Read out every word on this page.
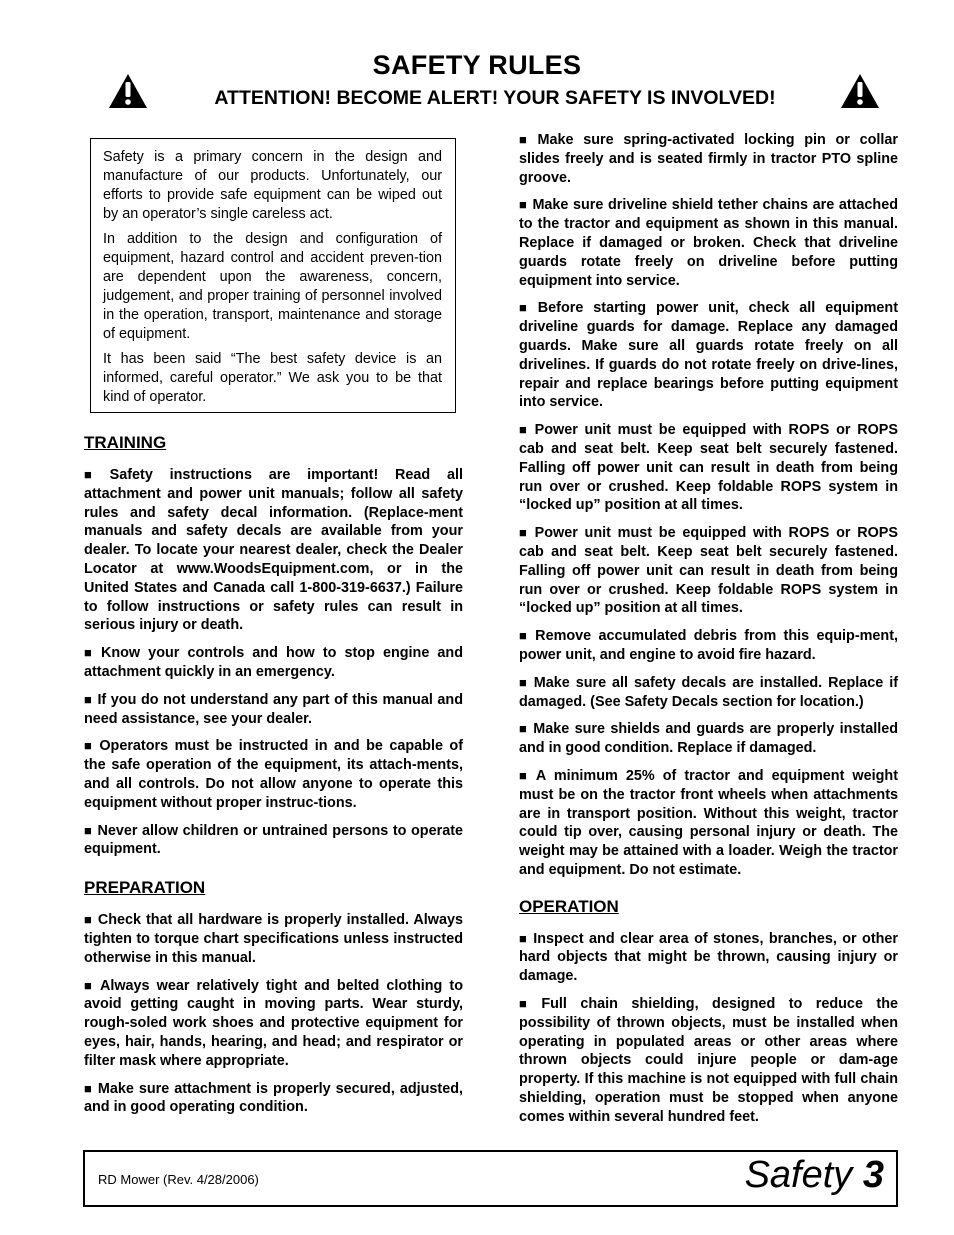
SAFETY RULES
ATTENTION! BECOME ALERT! YOUR SAFETY IS INVOLVED!

Safety is a primary concern in the design and manufacture of our products. Unfortunately, our efforts to provide safe equipment can be wiped out by an operator’s single careless act.

In addition to the design and configuration of equipment, hazard control and accident preven-tion are dependent upon the awareness, concern, judgement, and proper training of personnel involved in the operation, transport, maintenance and storage of equipment.

It has been said “The best safety device is an informed, careful operator.” We ask you to be that kind of operator.

TRAINING

■ Safety instructions are important! Read all attachment and power unit manuals; follow all safety rules and safety decal information. (Replace-ment manuals and safety decals are available from your dealer. To locate your nearest dealer, check the Dealer Locator at www.WoodsEquipment.com, or in the United States and Canada call 1-800-319-6637.) Failure to follow instructions or safety rules can result in serious injury or death.

■ Know your controls and how to stop engine and attachment quickly in an emergency.

■ If you do not understand any part of this manual and need assistance, see your dealer.

■ Operators must be instructed in and be capable of the safe operation of the equipment, its attach-ments, and all controls. Do not allow anyone to operate this equipment without proper instruc-tions.

■ Never allow children or untrained persons to operate equipment.

PREPARATION

■ Check that all hardware is properly installed. Always tighten to torque chart specifications unless instructed otherwise in this manual.

■ Always wear relatively tight and belted clothing to avoid getting caught in moving parts. Wear sturdy, rough-soled work shoes and protective equipment for eyes, hair, hands, hearing, and head; and respirator or filter mask where appropriate.

■ Make sure attachment is properly secured, adjusted, and in good operating condition.

■ Make sure spring-activated locking pin or collar slides freely and is seated firmly in tractor PTO spline groove.

■ Make sure driveline shield tether chains are attached to the tractor and equipment as shown in this manual. Replace if damaged or broken. Check that driveline guards rotate freely on driveline before putting equipment into service.

■ Before starting power unit, check all equipment driveline guards for damage. Replace any damaged guards. Make sure all guards rotate freely on all drivelines. If guards do not rotate freely on drive-lines, repair and replace bearings before putting equipment into service.

■ Power unit must be equipped with ROPS or ROPS cab and seat belt. Keep seat belt securely fastened. Falling off power unit can result in death from being run over or crushed. Keep foldable ROPS system in “locked up” position at all times.

■ Power unit must be equipped with ROPS or ROPS cab and seat belt. Keep seat belt securely fastened. Falling off power unit can result in death from being run over or crushed. Keep foldable ROPS system in “locked up” position at all times.

■ Remove accumulated debris from this equip-ment, power unit, and engine to avoid fire hazard.

■ Make sure all safety decals are installed. Replace if damaged. (See Safety Decals section for location.)

■ Make sure shields and guards are properly installed and in good condition. Replace if damaged.

■ A minimum 25% of tractor and equipment weight must be on the tractor front wheels when attachments are in transport position. Without this weight, tractor could tip over, causing personal injury or death. The weight may be attained with a loader. Weigh the tractor and equipment. Do not estimate.

OPERATION

■ Inspect and clear area of stones, branches, or other hard objects that might be thrown, causing injury or damage.

■ Full chain shielding, designed to reduce the possibility of thrown objects, must be installed when operating in populated areas or other areas where thrown objects could injure people or dam-age property. If this machine is not equipped with full chain shielding, operation must be stopped when anyone comes within several hundred feet.

RD Mower (Rev. 4/28/2006)	Safety 3
